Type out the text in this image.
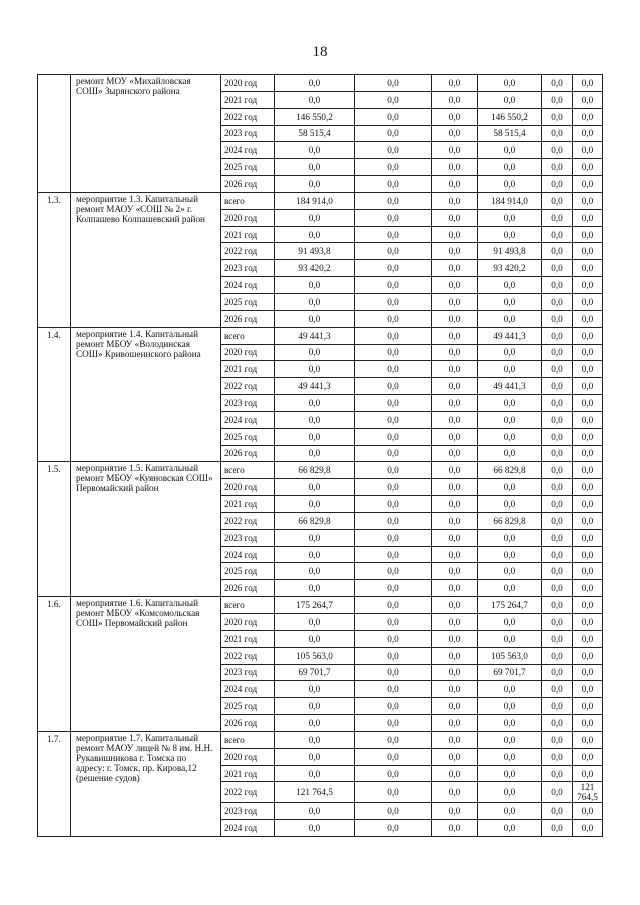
18
	ремонт МОУ «Михайловская СОШ» Зырянского района	2020 год	0,0	0,0	0,0	0,0	0,0	0,0
		2021 год	0,0	0,0	0,0	0,0	0,0	0,0
		2022 год	146 550,2	0,0	0,0	146 550,2	0,0	0,0
		2023 год	58 515,4	0,0	0,0	58 515,4	0,0	0,0
		2024 год	0,0	0,0	0,0	0,0	0,0	0,0
		2025 год	0,0	0,0	0,0	0,0	0,0	0,0
		2026 год	0,0	0,0	0,0	0,0	0,0	0,0
1.3.	мероприятие 1.3. Капитальный ремонт МАОУ «СОШ № 2» г. Колпашево Колпашевский район	всего	184 914,0	0,0	0,0	184 914,0	0,0	0,0
		2020 год	0,0	0,0	0,0	0,0	0,0	0,0
		2021 год	0,0	0,0	0,0	0,0	0,0	0,0
		2022 год	91 493,8	0,0	0,0	91 493,8	0,0	0,0
		2023 год	93 420,2	0,0	0,0	93 420,2	0,0	0,0
		2024 год	0,0	0,0	0,0	0,0	0,0	0,0
		2025 год	0,0	0,0	0,0	0,0	0,0	0,0
		2026 год	0,0	0,0	0,0	0,0	0,0	0,0
1.4.	мероприятие 1.4. Капитальный ремонт МБОУ «Володинская СОШ» Кривошеинского района	всего	49 441,3	0,0	0,0	49 441,3	0,0	0,0
		2020 год	0,0	0,0	0,0	0,0	0,0	0,0
		2021 год	0,0	0,0	0,0	0,0	0,0	0,0
		2022 год	49 441,3	0,0	0,0	49 441,3	0,0	0,0
		2023 год	0,0	0,0	0,0	0,0	0,0	0,0
		2024 год	0,0	0,0	0,0	0,0	0,0	0,0
		2025 год	0,0	0,0	0,0	0,0	0,0	0,0
		2026 год	0,0	0,0	0,0	0,0	0,0	0,0
1.5.	мероприятие 1.5. Капитальный ремонт МБОУ «Куяновская СОШ» Первомайский район	всего	66 829,8	0,0	0,0	66 829,8	0,0	0,0
		2020 год	0,0	0,0	0,0	0,0	0,0	0,0
		2021 год	0,0	0,0	0,0	0,0	0,0	0,0
		2022 год	66 829,8	0,0	0,0	66 829,8	0,0	0,0
		2023 год	0,0	0,0	0,0	0,0	0,0	0,0
		2024 год	0,0	0,0	0,0	0,0	0,0	0,0
		2025 год	0,0	0,0	0,0	0,0	0,0	0,0
		2026 год	0,0	0,0	0,0	0,0	0,0	0,0
1.6.	мероприятие 1.6. Капитальный ремонт МБОУ «Комсомольская СОШ» Первомайский район	всего	175 264,7	0,0	0,0	175 264,7	0,0	0,0
		2020 год	0,0	0,0	0,0	0,0	0,0	0,0
		2021 год	0,0	0,0	0,0	0,0	0,0	0,0
		2022 год	105 563,0	0,0	0,0	105 563,0	0,0	0,0
		2023 год	69 701,7	0,0	0,0	69 701,7	0,0	0,0
		2024 год	0,0	0,0	0,0	0,0	0,0	0,0
		2025 год	0,0	0,0	0,0	0,0	0,0	0,0
		2026 год	0,0	0,0	0,0	0,0	0,0	0,0
1.7.	мероприятие 1.7. Капитальный ремонт МАОУ лицей № 8 им. Н.Н. Рукавишникова г. Томска по адресу: г. Томск, пр. Кирова,12 (решение судов)	всего	0,0	0,0	0,0	0,0	0,0	0,0
		2020 год	0,0	0,0	0,0	0,0	0,0	0,0
		2021 год	0,0	0,0	0,0	0,0	0,0	0,0
		2022 год	121 764,5	0,0	0,0	0,0	0,0	121 764,5
		2023 год	0,0	0,0	0,0	0,0	0,0	0,0
		2024 год	0,0	0,0	0,0	0,0	0,0	0,0
